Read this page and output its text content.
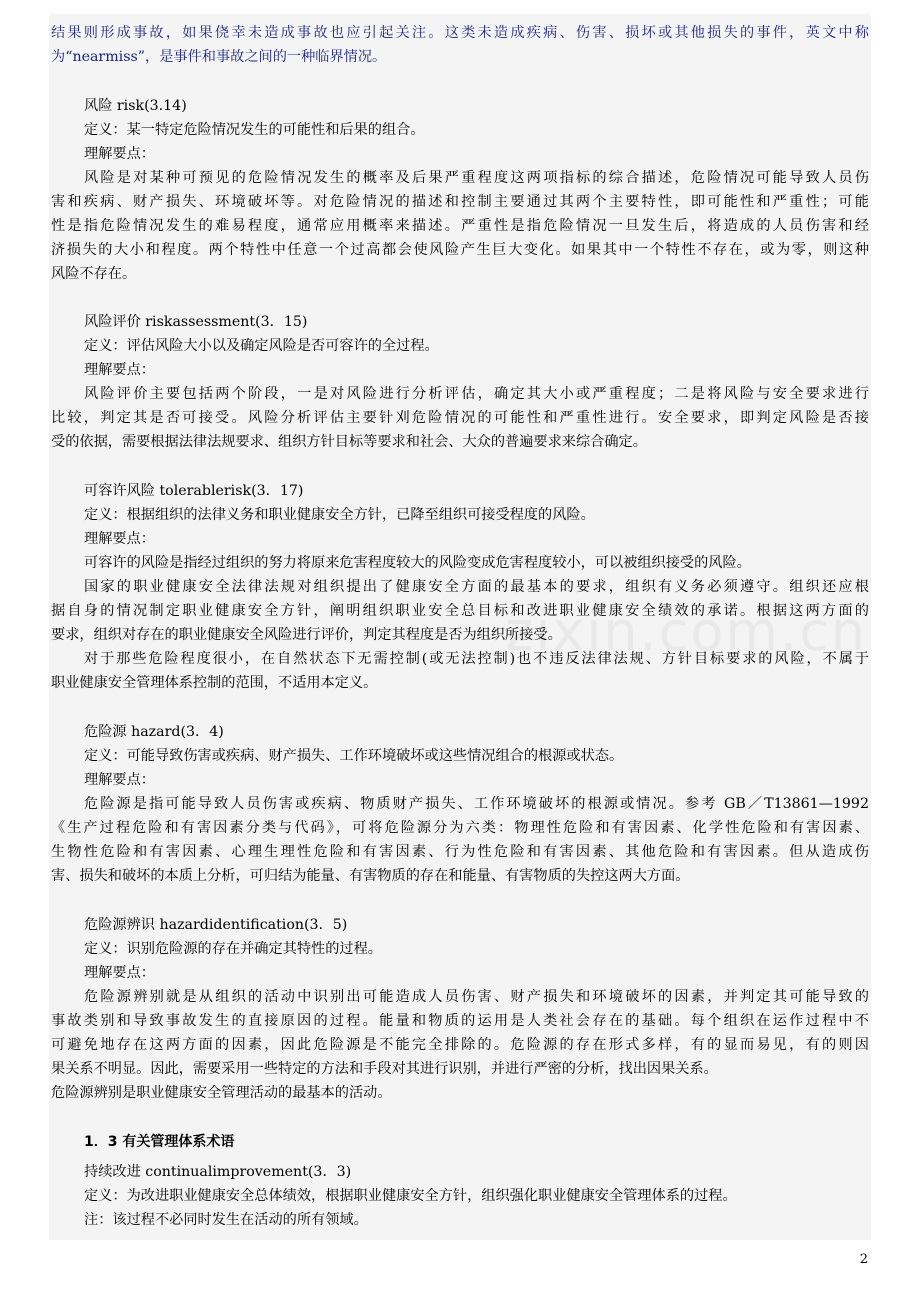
结果则形成事故，如果侥幸未造成事故也应引起关注。这类未造成疾病、伤害、损坏或其他损失的事件，英文中称
为“nearmiss”，是事件和事故之间的一种临界情况。
风险 risk(3.14)
定义：某一特定危险情况发生的可能性和后果的组合。
理解要点：
风险是对某种可预见的危险情况发生的概率及后果严重程度这两项指标的综合描述，危险情况可能导致人员伤
害和疾病、财产损失、环境破坏等。对危险情况的描述和控制主要通过其两个主要特性，即可能性和严重性；可能
性是指危险情况发生的难易程度，通常应用概率来描述。严重性是指危险情况一旦发生后，将造成的人员伤害和经
济损失的大小和程度。两个特性中任意一个过高都会使风险产生巨大变化。如果其中一个特性不存在，或为零，则这种
风险不存在。
风险评价 riskassessment(3．15)
定义：评估风险大小以及确定风险是否可容许的全过程。
理解要点：
风险评价主要包括两个阶段，一是对风险进行分析评估，确定其大小或严重程度；二是将风险与安全要求进行
比较，判定其是否可接受。风险分析评估主要针刈危险情况的可能性和严重性进行。安全要求，即判定风险是否接
受的依据，需要根据法律法规要求、组织方针目标等要求和社会、大众的普遍要求来综合确定。
可容许风险 tolerablerisk(3．17)
定义：根据组织的法律义务和职业健康安全方针，已降至组织可接受程度的风险。
理解要点：
可容许的风险是指经过组织的努力将原来危害程度较大的风险变成危害程度较小，可以被组织接受的风险。
国家的职业健康安全法律法规对组织提出了健康安全方面的最基本的要求，组织有义务必须遵守。组织还应根
据自身的情况制定职业健康安全方针，阐明组织职业安全总目标和改进职业健康安全绩效的承诺。根据这两方面的
要求，组织对存在的职业健康安全风险进行评价，判定其程度是否为组织所接受。
对于那些危险程度很小，在自然状态下无需控制(或无法控制)也不违反法律法规、方针目标要求的风险，不属于
职业健康安全管理体系控制的范围，不适用本定义。
危险源 hazard(3．4)
定义：可能导致伤害或疾病、财产损失、工作环境破坏或这些情况组合的根源或状态。
理解要点：
危险源是指可能导致人员伤害或疾病、物质财产损失、工作环境破坏的根源或情况。参考 GB／T13861—1992
《生产过程危险和有害因素分类与代码》，可将危险源分为六类：物理性危险和有害因素、化学性危险和有害因素、
生物性危险和有害因素、心理生理性危险和有害因素、行为性危险和有害因素、其他危险和有害因素。但从造成伤
害、损失和破坏的本质上分析，可归结为能量、有害物质的存在和能量、有害物质的失控这两大方面。
危险源辨识 hazardidentification(3．5)
定义：识别危险源的存在并确定其特性的过程。
理解要点：
危险源辨别就是从组织的活动中识别出可能造成人员伤害、财产损失和环境破坏的因素，并判定其可能导致的
事故类别和导致事故发生的直接原因的过程。能量和物质的运用是人类社会存在的基础。每个组织在运作过程中不
可避免地存在这两方面的因素，因此危险源是不能完全排除的。危险源的存在形式多样，有的显而易见，有的则因
果关系不明显。因此，需要采用一些特定的方法和手段对其进行识别，并进行严密的分析，找出因果关系。
危险源辨别是职业健康安全管理活动的最基本的活动。
1．3 有关管理体系术语
持续改进 continualimprovement(3．3)
定义：为改进职业健康安全总体绩效，根据职业健康安全方针，组织强化职业健康安全管理体系的过程。
注：该过程不必同时发生在活动的所有领域。
2
